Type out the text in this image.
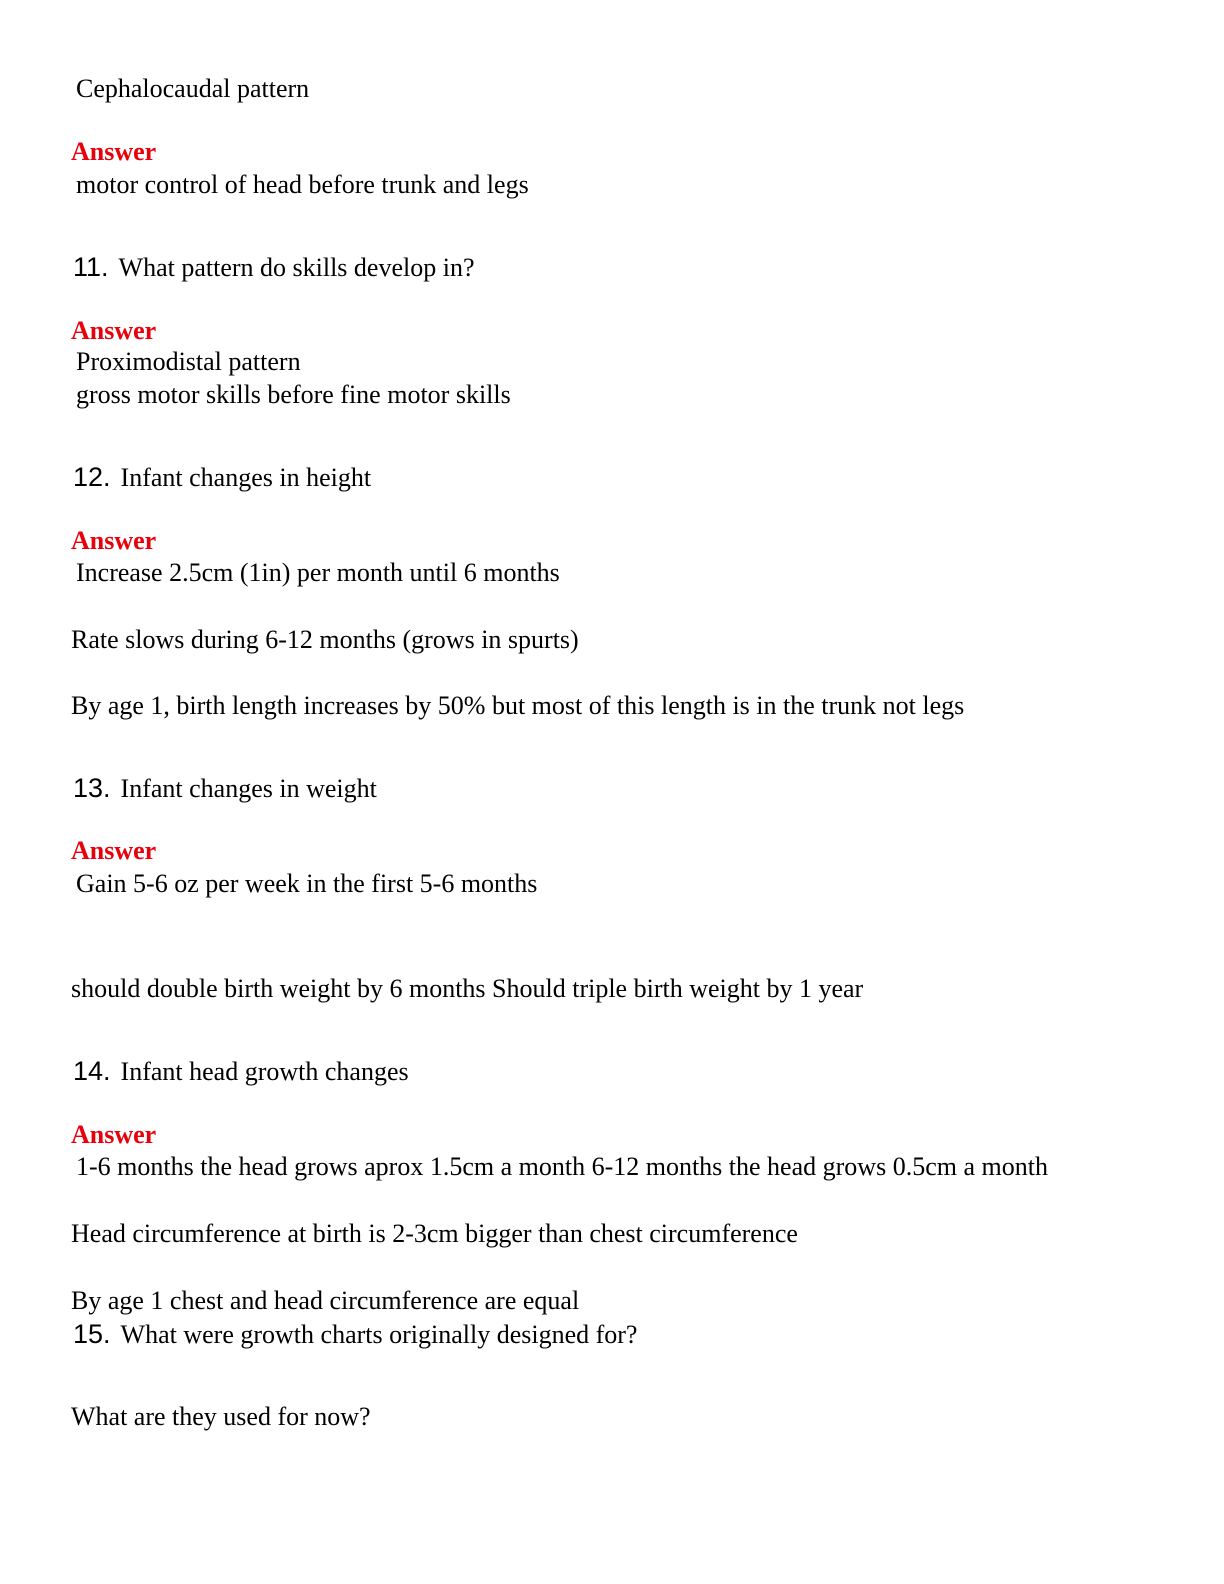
Cephalocaudal pattern
Answer
motor control of head before trunk and legs
11. What pattern do skills develop in?
Answer
Proximodistal pattern
gross motor skills before fine motor skills
12. Infant changes in height
Answer
Increase 2.5cm (1in) per month until 6 months
Rate slows during 6-12 months (grows in spurts)
By age 1, birth length increases by 50% but most of this length is in the trunk not legs
13. Infant changes in weight
Answer
Gain 5-6 oz per week in the first 5-6 months
should double birth weight by 6 months Should triple birth weight by 1 year
14. Infant head growth changes
Answer
1-6 months the head grows aprox 1.5cm a month 6-12 months the head grows 0.5cm a month
Head circumference at birth is 2-3cm bigger than chest circumference
By age 1 chest and head circumference are equal
15. What were growth charts originally designed for?
What are they used for now?
